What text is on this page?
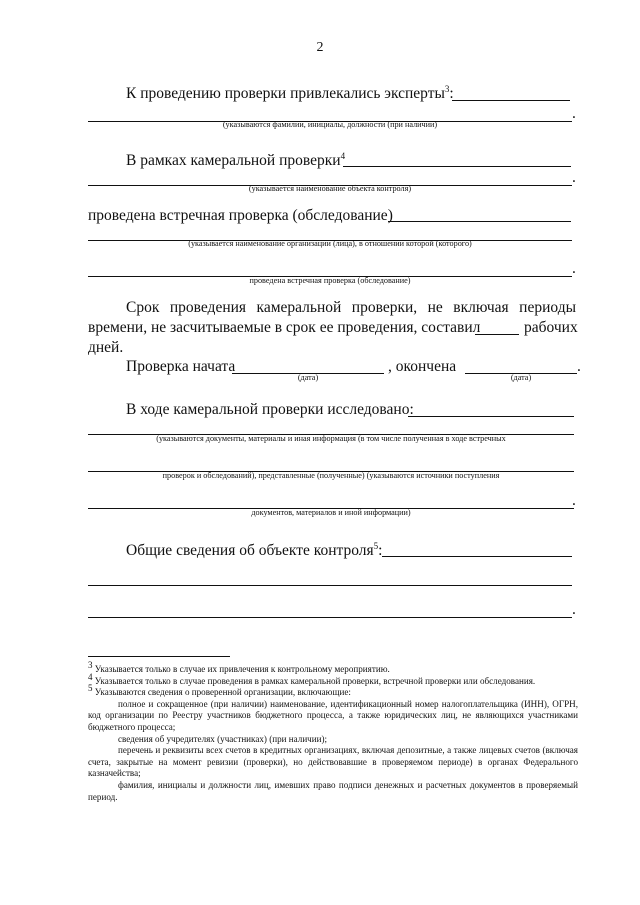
2
К проведению проверки привлекались эксперты$^3$:
.
(указываются фамилии, инициалы, должности (при наличии)
В рамках камеральной проверки$^4$
.
(указывается наименование объекта контроля)
проведена встречная проверка (обследование)
(указывается наименование организации (лица), в отношении которой (которого)
.
проведена встречная проверка (обследование)
Срок проведения камеральной проверки, не включая периоды
времени, не засчитываемые в срок ее проведения, составил	рабочих
дней.
Проверка начата
(дата)
, окончена
(дата)
.
В ходе камеральной проверки исследовано:
(указываются документы, материалы и иная информация (в том числе полученная в ходе встречных
проверок и обследований), представленные (полученные) (указываются источники поступления
.
документов, материалов и иной информации)
Общие сведения об объекте контроля$^5$:
.

$^3$ Указывается только в случае их привлечения к контрольному мероприятию.

$^4$ Указывается только в случае проведения в рамках камеральной проверки, встречной проверки или обследования.

$^5$ Указываются сведения о проверенной организации, включающие:

полное и сокращенное (при наличии) наименование, идентификационный номер налогоплательщика (ИНН), ОГРН, код организации по Реестру участников бюджетного процесса, а также юридических лиц, не являющихся участниками бюджетного процесса;

сведения об учредителях (участниках) (при наличии);

перечень и реквизиты всех счетов в кредитных организациях, включая депозитные, а также лицевых счетов (включая счета, закрытые на момент ревизии (проверки), но действовавшие в проверяемом периоде) в органах Федерального казначейства;

фамилия, инициалы и должности лиц, имевших право подписи денежных и расчетных документов в проверяемый период.
